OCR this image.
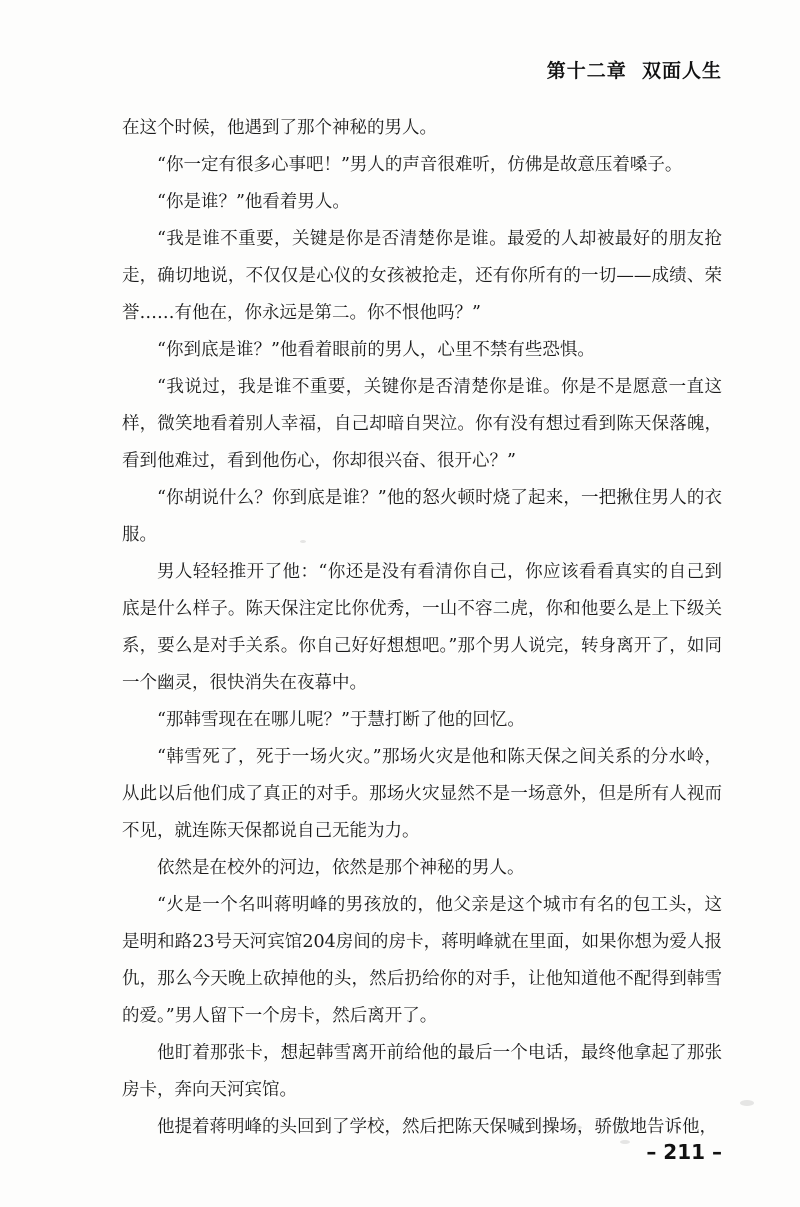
第十二章  双面人生

在这个时候，他遇到了那个神秘的男人。

“你一定有很多心事吧！”男人的声音很难听，仿佛是故意压着嗓子。

“你是谁？”他看着男人。

“我是谁不重要，关键是你是否清楚你是谁。最爱的人却被最好的朋友抢走，确切地说，不仅仅是心仪的女孩被抢走，还有你所有的一切——成绩、荣誉……有他在，你永远是第二。你不恨他吗？”

“你到底是谁？”他看着眼前的男人，心里不禁有些恐惧。

“我说过，我是谁不重要，关键你是否清楚你是谁。你是不是愿意一直这样，微笑地看着别人幸福，自己却暗自哭泣。你有没有想过看到陈天保落魄，看到他难过，看到他伤心，你却很兴奋、很开心？”

“你胡说什么？你到底是谁？”他的怒火顿时烧了起来，一把揪住男人的衣服。

男人轻轻推开了他：“你还是没有看清你自己，你应该看看真实的自己到底是什么样子。陈天保注定比你优秀，一山不容二虎，你和他要么是上下级关系，要么是对手关系。你自己好好想想吧。”那个男人说完，转身离开了，如同一个幽灵，很快消失在夜幕中。

“那韩雪现在在哪儿呢？”于慧打断了他的回忆。

“韩雪死了，死于一场火灾。”那场火灾是他和陈天保之间关系的分水岭，从此以后他们成了真正的对手。那场火灾显然不是一场意外，但是所有人视而不见，就连陈天保都说自己无能为力。

依然是在校外的河边，依然是那个神秘的男人。

“火是一个名叫蒋明峰的男孩放的，他父亲是这个城市有名的包工头，这是明和路23号天河宾馆204房间的房卡，蒋明峰就在里面，如果你想为爱人报仇，那么今天晚上砍掉他的头，然后扔给你的对手，让他知道他不配得到韩雪的爱。”男人留下一个房卡，然后离开了。

他盯着那张卡，想起韩雪离开前给他的最后一个电话，最终他拿起了那张房卡，奔向天河宾馆。

他提着蒋明峰的头回到了学校，然后把陈天保喊到操场，骄傲地告诉他，

– 211 –
